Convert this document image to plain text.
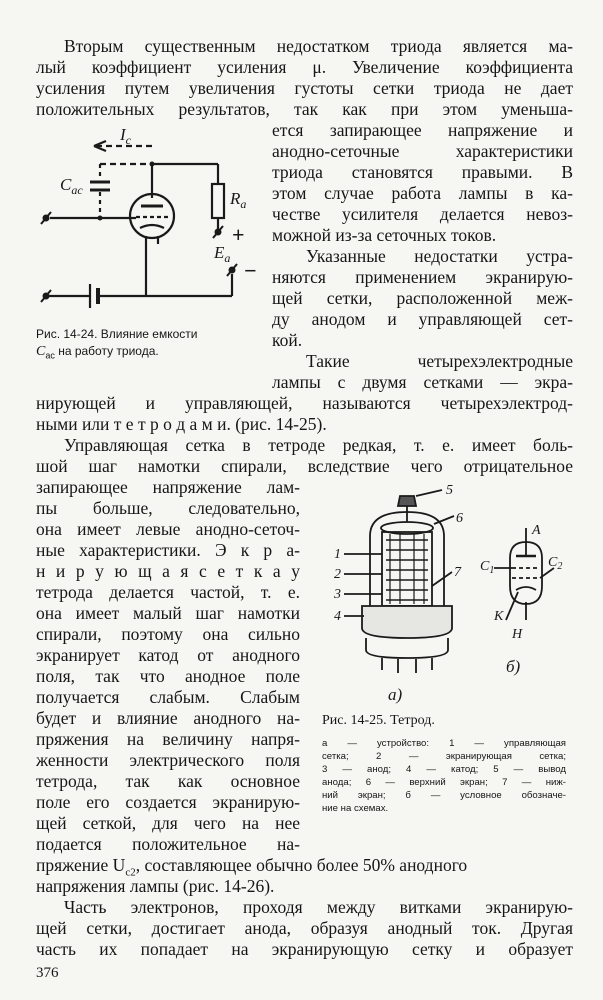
Вторым существенным недостатком триода является ма-
лый коэффициент усиления μ. Увеличение коэффициента
усиления путем увеличения густоты сетки триода не дает
положительных результатов, так как при этом уменьша-
ется запирающее напряжение и
анодно-сеточные характеристики
триода становятся правыми. В
этом случае работа лампы в ка-
честве усилителя делается невоз-
можной из-за сеточных токов.
Указанные недостатки устра-
няются применением экранирую-
щей сетки, расположенной меж-
ду анодом и управляющей сет-
кой.
Такие четырехэлектродные
лампы с двумя сетками — экра-
нирующей и управляющей, называются четырехэлектрод-
ными или т е т р о д а м и. (рис. 14-25).
Управляющая сетка в тетроде редкая, т. е. имеет боль-
шой шаг намотки спирали, вследствие чего отрицательное
запирающее напряжение лам-
пы больше, следовательно,
она имеет левые анодно-сеточ-
ные характеристики. Э к р а-
н и р у ю щ а я с е т к а у
тетрода делается частой, т. е.
она имеет малый шаг намотки
спирали, поэтому она сильно
экранирует катод от анодного
поля, так что анодное поле
получается слабым. Слабым
будет и влияние анодного на-
пряжения на величину напря-
женности электрического поля
тетрода, так как основное
поле его создается экранирую-
щей сеткой, для чего на нее
подается положительное на-
пряжение $U_{c2}$, составляющее обычно более 50% анодного
напряжения лампы (рис. 14-26).
Часть электронов, проходя между витками экранирую-
щей сетки, достигает анода, образуя анодный ток. Другая
часть их попадает на экранирующую сетку и образует
376
$I_c$
$C_{ac}$	$R_a$
$E_a$
+
−
Рис. 14-24. Влияние емкости
$C_{ас}$ на работу триода.
1
2
3
4
5
6
7
A
$C_1$
$C_2$
K
H
б)
а)
Рис. 14-25. Тетрод.
а — устройство: 1 — управляющая
сетка; 2 — экранирующая сетка;
3 — анод; 4 — катод; 5 — вывод
анода; 6 — верхний экран; 7 — ниж-
ний экран; б — условное обозначе-
ние на схемах.
